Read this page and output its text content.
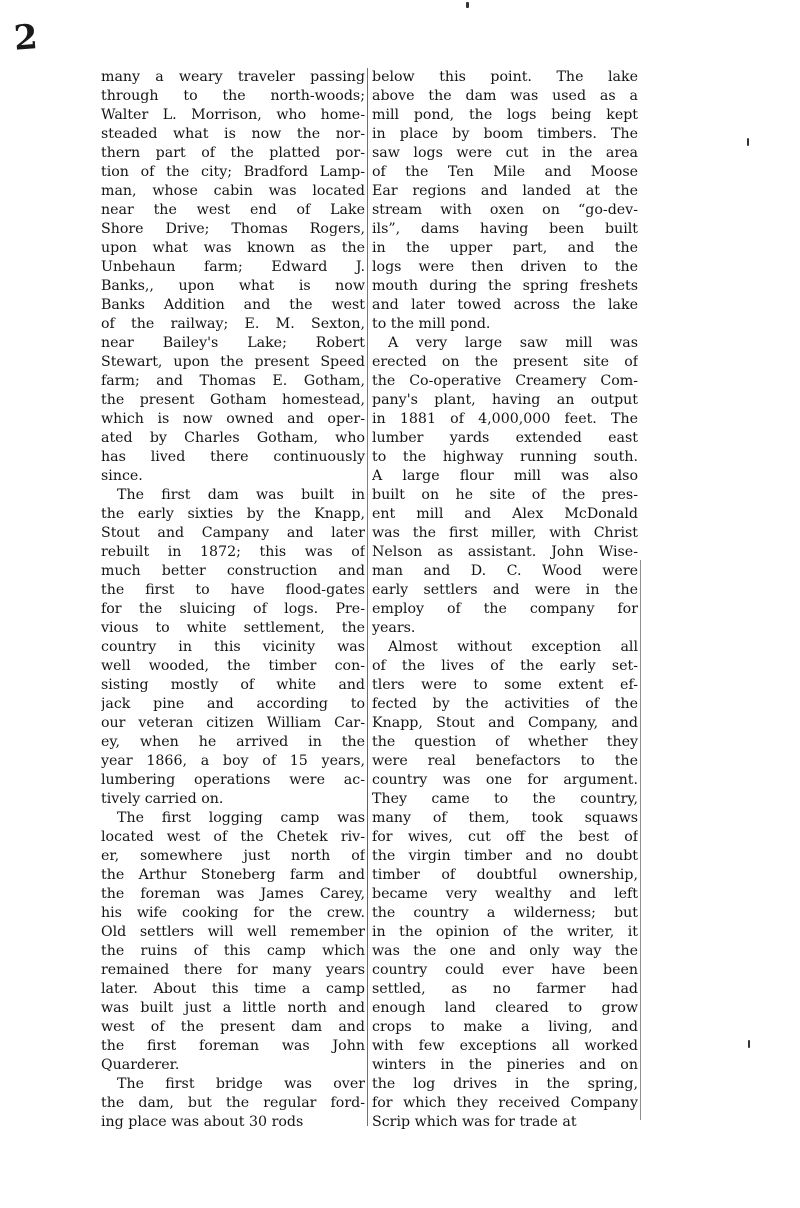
2
many a weary traveler passing
through to the north-woods;
Walter L. Morrison, who home-
steaded what is now the nor-
thern part of the platted por-
tion of the city; Bradford Lamp-
man, whose cabin was located
near the west end of Lake
Shore Drive; Thomas Rogers,
upon what was known as the
Unbehaun farm; Edward J.
Banks,, upon what is now
Banks Addition and the west
of the railway; E. M. Sexton,
near Bailey's Lake; Robert
Stewart, upon the present Speed
farm; and Thomas E. Gotham,
the present Gotham homestead,
which is now owned and oper-
ated by Charles Gotham, who
has lived there continuously
since.
The first dam was built in
the early sixties by the Knapp,
Stout and Campany and later
rebuilt in 1872; this was of
much better construction and
the first to have flood-gates
for the sluicing of logs. Pre-
vious to white settlement, the
country in this vicinity was
well wooded, the timber con-
sisting mostly of white and
jack pine and according to
our veteran citizen William Car-
ey, when he arrived in the
year 1866, a boy of 15 years,
lumbering operations were ac-
tively carried on.
The first logging camp was
located west of the Chetek riv-
er, somewhere just north of
the Arthur Stoneberg farm and
the foreman was James Carey,
his wife cooking for the crew.
Old settlers will well remember
the ruins of this camp which
remained there for many years
later. About this time a camp
was built just a little north and
west of the present dam and
the first foreman was John
Quarderer.
The first bridge was over
the dam, but the regular ford-
ing place was about 30 rods
below this point. The lake
above the dam was used as a
mill pond, the logs being kept
in place by boom timbers. The
saw logs were cut in the area
of the Ten Mile and Moose
Ear regions and landed at the
stream with oxen on “go-dev-
ils”, dams having been built
in the upper part, and the
logs were then driven to the
mouth during the spring freshets
and later towed across the lake
to the mill pond.
A very large saw mill was
erected on the present site of
the Co-operative Creamery Com-
pany's plant, having an output
in 1881 of 4,000,000 feet. The
lumber yards extended east
to the highway running south.
A large flour mill was also
built on he site of the pres-
ent mill and Alex McDonald
was the first miller, with Christ
Nelson as assistant. John Wise-
man and D. C. Wood were
early settlers and were in the
employ of the company for
years.
Almost without exception all
of the lives of the early set-
tlers were to some extent ef-
fected by the activities of the
Knapp, Stout and Company, and
the question of whether they
were real benefactors to the
country was one for argument.
They came to the country,
many of them, took squaws
for wives, cut off the best of
the virgin timber and no doubt
timber of doubtful ownership,
became very wealthy and left
the country a wilderness; but
in the opinion of the writer, it
was the one and only way the
country could ever have been
settled, as no farmer had
enough land cleared to grow
crops to make a living, and
with few exceptions all worked
winters in the pineries and on
the log drives in the spring,
for which they received Company
Scrip which was for trade at
